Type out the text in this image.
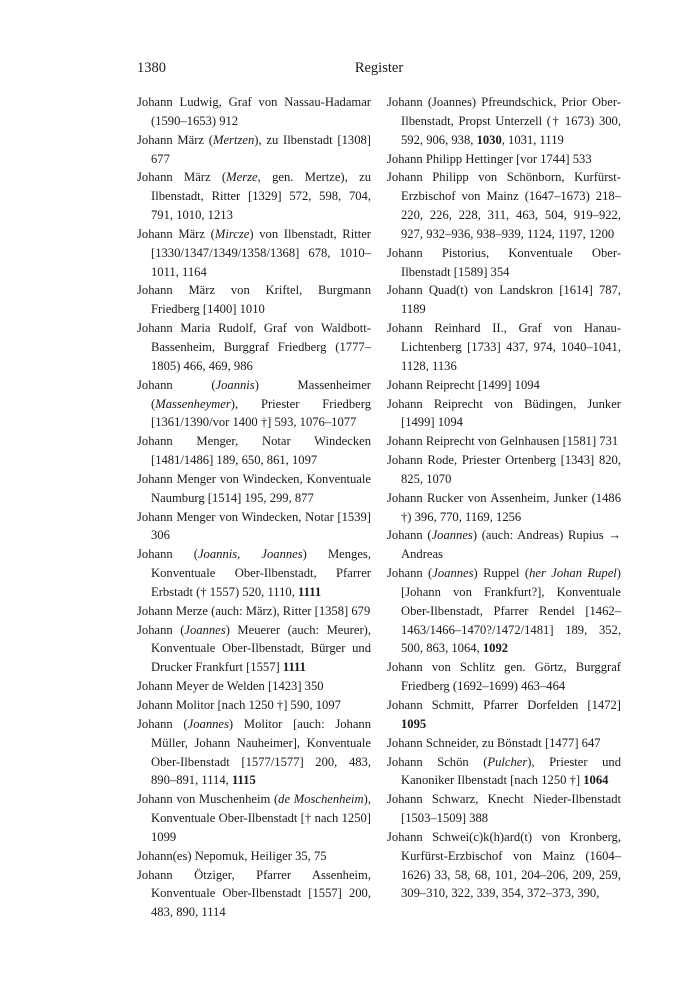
1380	Register

Johann Ludwig, Graf von Nassau-Hadamar (1590–1653) 912

Johann März (Mertzen), zu Ilbenstadt [1308] 677

Johann März (Merze, gen. Mertze), zu Ilbenstadt, Ritter [1329] 572, 598, 704, 791, 1010, 1213

Johann März (Mircze) von Ilbenstadt, Ritter [1330/1347/1349/1358/1368] 678, 1010–1011, 1164

Johann März von Kriftel, Burgmann Friedberg [1400] 1010

Johann Maria Rudolf, Graf von Waldbott-Bassenheim, Burggraf Friedberg (1777–1805) 466, 469, 986

Johann (Joannis) Massenheimer (Massenheymer), Priester Friedberg [1361/1390/vor 1400 †] 593, 1076–1077

Johann Menger, Notar Windecken [1481/1486] 189, 650, 861, 1097

Johann Menger von Windecken, Konventuale Naumburg [1514] 195, 299, 877

Johann Menger von Windecken, Notar [1539] 306

Johann (Joannis, Joannes) Menges, Konventuale Ober-Ilbenstadt, Pfarrer Erbstadt († 1557) 520, 1110, 1111

Johann Merze (auch: März), Ritter [1358] 679

Johann (Joannes) Meuerer (auch: Meurer), Konventuale Ober-Ilbenstadt, Bürger und Drucker Frankfurt [1557] 1111

Johann Meyer de Welden [1423] 350

Johann Molitor [nach 1250 †] 590, 1097

Johann (Joannes) Molitor [auch: Johann Müller, Johann Nauheimer], Konventuale Ober-Ilbenstadt [1577/1577] 200, 483, 890–891, 1114, 1115

Johann von Muschenheim (de Moschenheim), Konventuale Ober-Ilbenstadt [† nach 1250] 1099

Johann(es) Nepomuk, Heiliger 35, 75

Johann Ötziger, Pfarrer Assenheim, Konventuale Ober-Ilbenstadt [1557] 200, 483, 890, 1114

Johann (Joannes) Pfreundschick, Prior Ober-Ilbenstadt, Propst Unterzell († 1673) 300, 592, 906, 938, 1030, 1031, 1119

Johann Philipp Hettinger [vor 1744] 533

Johann Philipp von Schönborn, Kurfürst-Erzbischof von Mainz (1647–1673) 218–220, 226, 228, 311, 463, 504, 919–922, 927, 932–936, 938–939, 1124, 1197, 1200

Johann Pistorius, Konventuale Ober-Ilbenstadt [1589] 354

Johann Quad(t) von Landskron [1614] 787, 1189

Johann Reinhard II., Graf von Hanau-Lichtenberg [1733] 437, 974, 1040–1041, 1128, 1136

Johann Reiprecht [1499] 1094

Johann Reiprecht von Büdingen, Junker [1499] 1094

Johann Reiprecht von Gelnhausen [1581] 731

Johann Rode, Priester Ortenberg [1343] 820, 825, 1070

Johann Rucker von Assenheim, Junker (1486 †) 396, 770, 1169, 1256

Johann (Joannes) (auch: Andreas) Rupius → Andreas

Johann (Joannes) Ruppel (her Johan Rupel) [Johann von Frankfurt?], Konventuale Ober-Ilbenstadt, Pfarrer Rendel [1462–1463/1466–1470?/1472/1481] 189, 352, 500, 863, 1064, 1092

Johann von Schlitz gen. Görtz, Burggraf Friedberg (1692–1699) 463–464

Johann Schmitt, Pfarrer Dorfelden [1472] 1095

Johann Schneider, zu Bönstadt [1477] 647

Johann Schön (Pulcher), Priester und Kanoniker Ilbenstadt [nach 1250 †] 1064

Johann Schwarz, Knecht Nieder-Ilbenstadt [1503–1509] 388

Johann Schwei(c)k(h)ard(t) von Kronberg, Kurfürst-Erzbischof von Mainz (1604–1626) 33, 58, 68, 101, 204–206, 209, 259, 309–310, 322, 339, 354, 372–373, 390,
